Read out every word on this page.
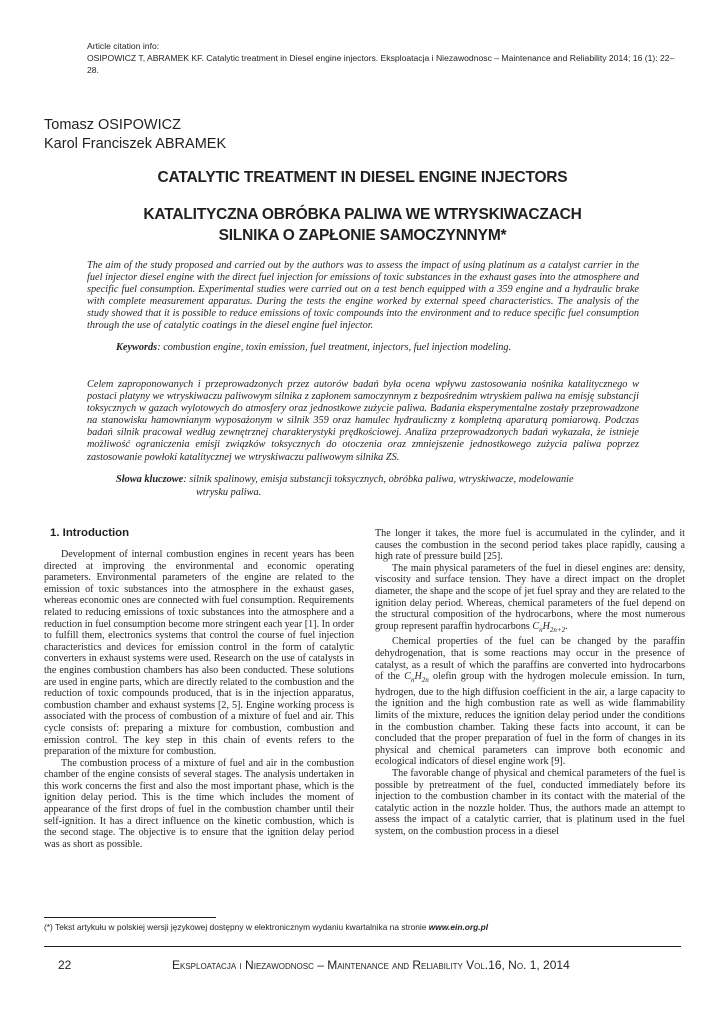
Article citation info:
OSIPOWICZ T, ABRAMEK KF. Catalytic treatment in Diesel engine injectors. Eksploatacja i Niezawodnosc – Maintenance and Reliability 2014; 16 (1): 22–28.
Tomasz OSIPOWICZ
Karol Franciszek ABRAMEK
CATALYTIC TREATMENT IN DIESEL ENGINE INJECTORS
KATALITYCZNA OBRÓBKA PALIWA WE WTRYSKIWACZACH
SILNIKA O ZAPŁONIE SAMOCZYNNYM*
The aim of the study proposed and carried out by the authors was to assess the impact of using platinum as a catalyst carrier in the fuel injector diesel engine with the direct fuel injection for emissions of toxic substances in the exhaust gases into the atmosphere and specific fuel consumption. Experimental studies were carried out on a test bench equipped with a 359 engine and a hydraulic brake with complete measurement apparatus. During the tests the engine worked by external speed characteristics. The analysis of the study showed that it is possible to reduce emissions of toxic compounds into the environment and to reduce specific fuel consumption through the use of catalytic coatings in the diesel engine fuel injector.
Keywords: combustion engine, toxin emission, fuel treatment, injectors, fuel injection modeling.
Celem zaproponowanych i przeprowadzonych przez autorów badań była ocena wpływu zastosowania nośnika katalitycznego w postaci platyny we wtryskiwaczu paliwowym silnika z zapłonem samoczynnym z bezpośrednim wtryskiem paliwa na emisję substancji toksycznych w gazach wylotowych do atmosfery oraz jednostkowe zużycie paliwa. Badania eksperymentalne zostały przeprowadzone na stanowisku hamownianym wyposażonym w silnik 359 oraz hamulec hydrauliczny z kompletną aparaturą pomiarową. Podczas badań silnik pracował według zewnętrznej charakterystyki prędkościowej. Analiza przeprowadzonych badań wykazała, że istnieje możliwość ograniczenia emisji związków toksycznych do otoczenia oraz zmniejszenie jednostkowego zużycia paliwa poprzez zastosowanie powłoki katalitycznej we wtryskiwaczu paliwowym silnika ZS.
Słowa kluczowe: silnik spalinowy, emisja substancji toksycznych, obróbka paliwa, wtryskiwacze, modelowanie
wtrysku paliwa.
1. Introduction

Development of internal combustion engines in recent years has been directed at improving the environmental and economic operating parameters. Environmental parameters of the engine are related to the emission of toxic substances into the atmosphere in the exhaust gases, whereas economic ones are connected with fuel consumption. Requirements related to reducing emissions of toxic substances into the atmosphere and a reduction in fuel consumption become more stringent each year [1]. In order to fulfill them, electronics systems that control the course of fuel injection characteristics and devices for emission control in the form of catalytic converters in exhaust systems were used. Research on the use of catalysts in the engines combustion chambers has also been conducted. These solutions are used in engine parts, which are directly related to the combustion and the reduction of toxic compounds produced, that is in the injection apparatus, combustion chamber and exhaust systems [2, 5]. Engine working process is associated with the process of combustion of a mixture of fuel and air. This cycle consists of: preparing a mixture for combustion, combustion and emission control. The key step in this chain of events refers to the preparation of the mixture for combustion.

The combustion process of a mixture of fuel and air in the combustion chamber of the engine consists of several stages. The analysis undertaken in this work concerns the first and also the most important phase, which is the ignition delay period. This is the time which includes the moment of appearance of the first drops of fuel in the combustion chamber until their self-ignition. It has a direct influence on the kinetic combustion, which is the second stage. The objective is to ensure that the ignition delay period was as short as possible.

The longer it takes, the more fuel is accumulated in the cylinder, and it causes the combustion in the second period takes place rapidly, causing a high rate of pressure build [25].

The main physical parameters of the fuel in diesel engines are: density, viscosity and surface tension. They have a direct impact on the droplet diameter, the shape and the scope of jet fuel spray and they are related to the ignition delay period. Whereas, chemical parameters of the fuel depend on the structural composition of the hydrocarbons, where the most numerous group represent paraffin hydrocarbons $C_nH_{2n+2}$.

Chemical properties of the fuel can be changed by the paraffin dehydrogenation, that is some reactions may occur in the presence of catalyst, as a result of which the paraffins are converted into hydrocarbons of the $C_nH_{2n}$ olefin group with the hydrogen molecule emission. In turn, hydrogen, due to the high diffusion coefficient in the air, a large capacity to the ignition and the high combustion rate as well as wide flammability limits of the mixture, reduces the ignition delay period under the conditions in the combustion chamber. Taking these facts into account, it can be concluded that the proper preparation of fuel in the form of changes in its physical and chemical parameters can improve both economic and ecological indicators of diesel engine work [9].

The favorable change of physical and chemical parameters of the fuel is possible by pretreatment of the fuel, conducted immediately before its injection to the combustion chamber in its contact with the material of the catalytic action in the nozzle holder. Thus, the authors made an attempt to assess the impact of a catalytic carrier, that is platinum used in the fuel system, on the combustion process in a diesel

(*) Tekst artykułu w polskiej wersji językowej dostępny w elektronicznym wydaniu kwartalnika na stronie www.ein.org.pl
22	Eksploatacja i Niezawodnosc – Maintenance and Reliability Vol.16, No. 1, 2014
